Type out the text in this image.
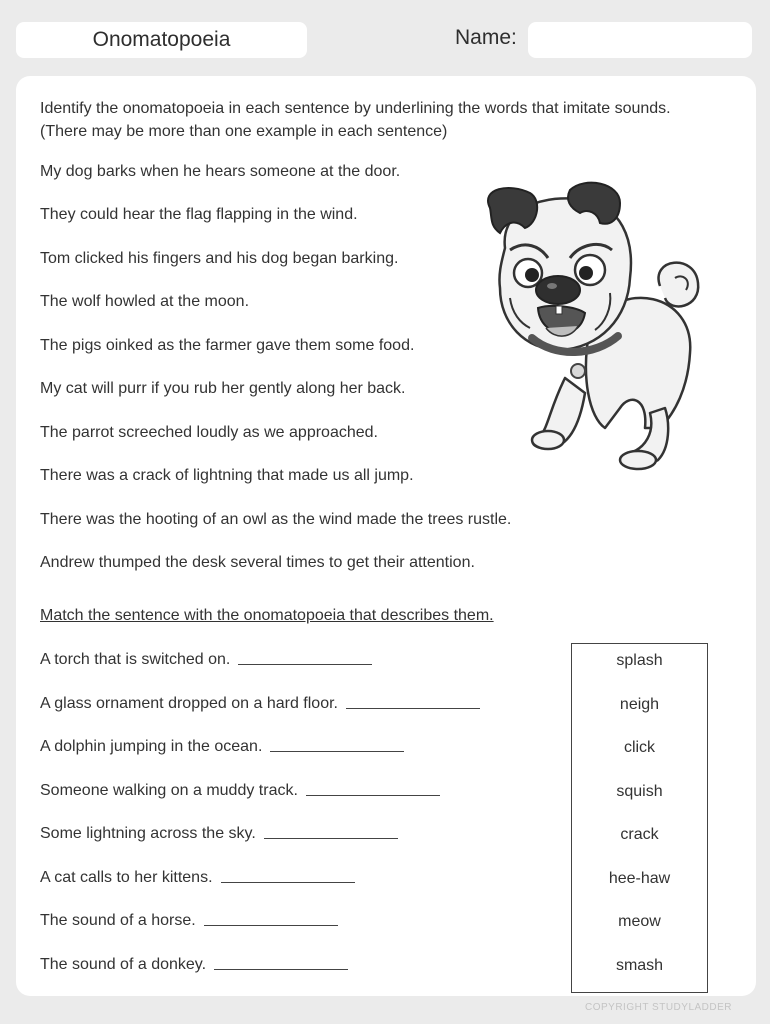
Onomatopoeia	Name:
Identify the onomatopoeia in each sentence by underlining the words that imitate sounds.
(There may be more than one example in each sentence)
My dog barks when he hears someone at the door.
They could hear the flag flapping in the wind.
Tom clicked his fingers and his dog began barking.
The wolf howled at the moon.
The pigs oinked as the farmer gave them some food.
My cat will purr if you rub her gently along her back.
The parrot screeched loudly as we approached.
There was a crack of lightning that made us all jump.
There was the hooting of an owl as the wind made the trees rustle.
Andrew thumped the desk several times to get their attention.
Match the sentence with the onomatopoeia that describes them.
A torch that is switched on.
A glass ornament dropped on a hard floor.
A dolphin jumping in the ocean.
Someone walking on a muddy track.
Some lightning across the sky.
A cat calls to her kittens.
The sound of a horse.
The sound of a donkey.
splash
neigh
click
squish
crack
hee-haw
meow
smash
COPYRIGHT STUDYLADDER
